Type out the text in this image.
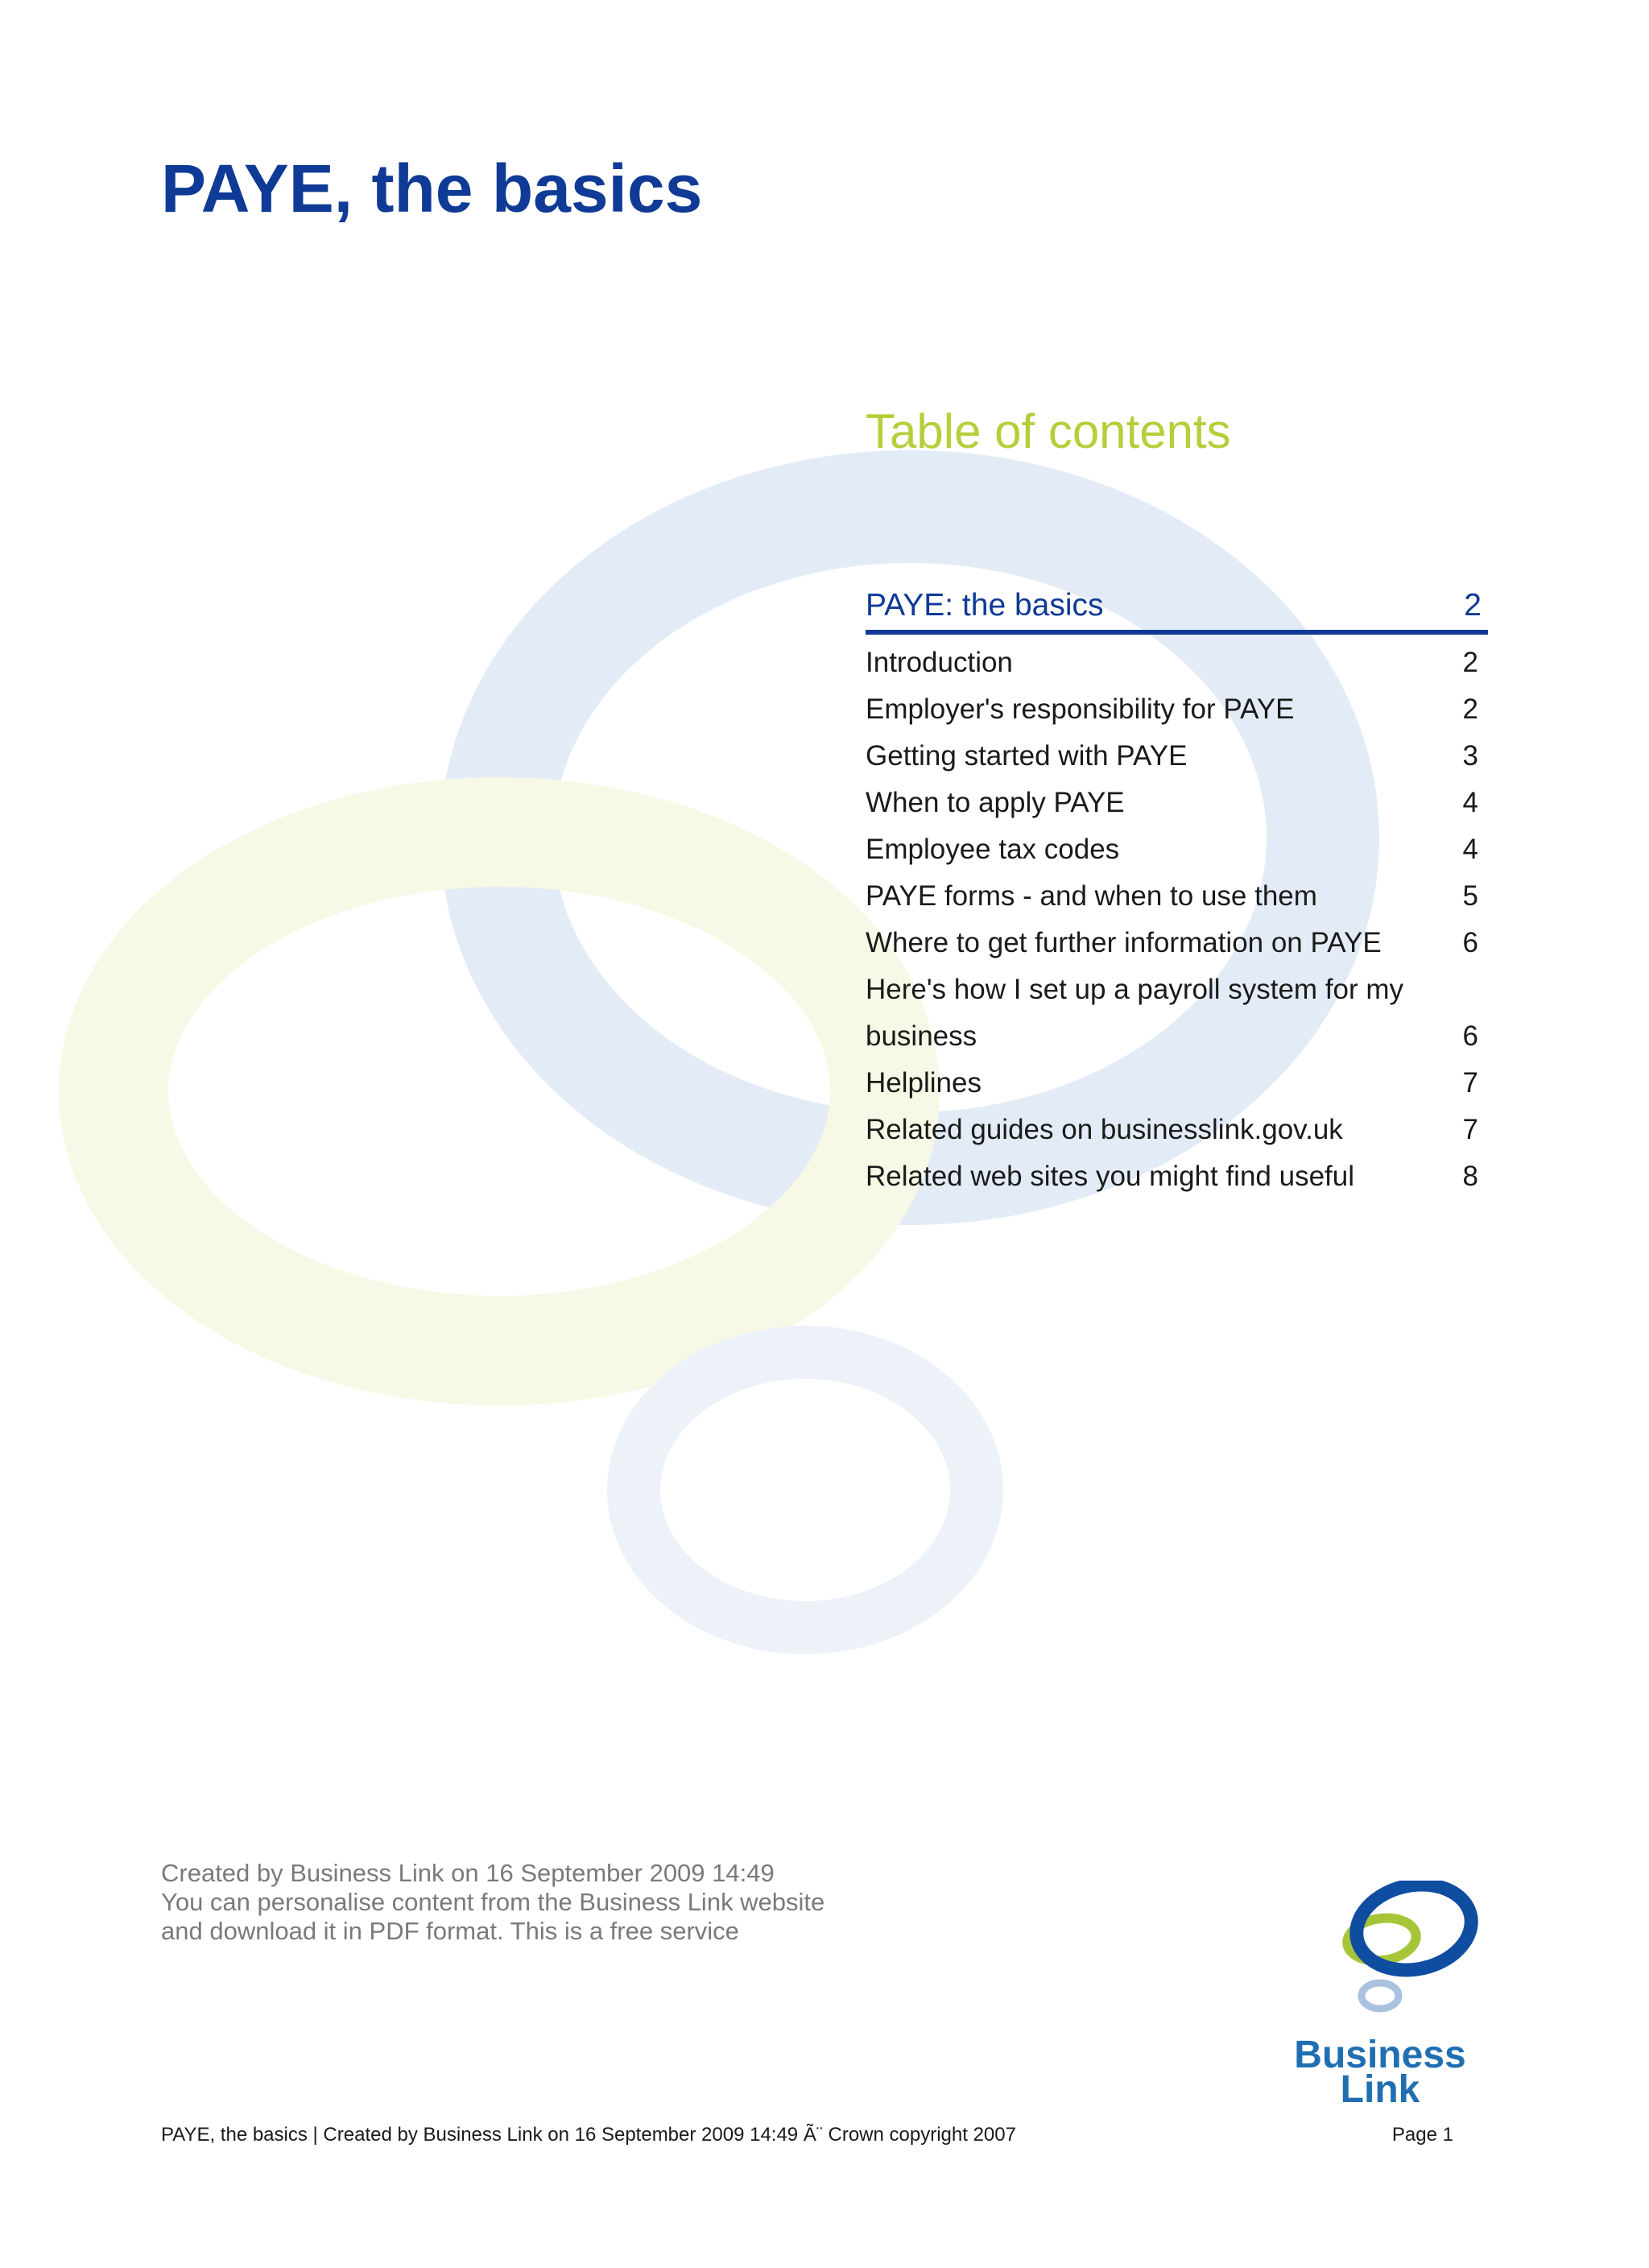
PAYE, the basics
Table of contents
PAYE: the basics	2
Introduction	2
Employer's responsibility for PAYE	2
Getting started with PAYE	3
When to apply PAYE	4
Employee tax codes	4
PAYE forms - and when to use them	5
Where to get further information on PAYE	6
Here's how I set up a payroll system for my business	6
Helplines	7
Related guides on businesslink.gov.uk	7
Related web sites you might find useful	8
Created by Business Link on 16 September 2009 14:49
You can personalise content from the Business Link website
and download it in PDF format. This is a free service
Business
Link
PAYE, the basics | Created by Business Link on 16 September 2009 14:49 Ã¨ Crown copyright 2007	Page 1
